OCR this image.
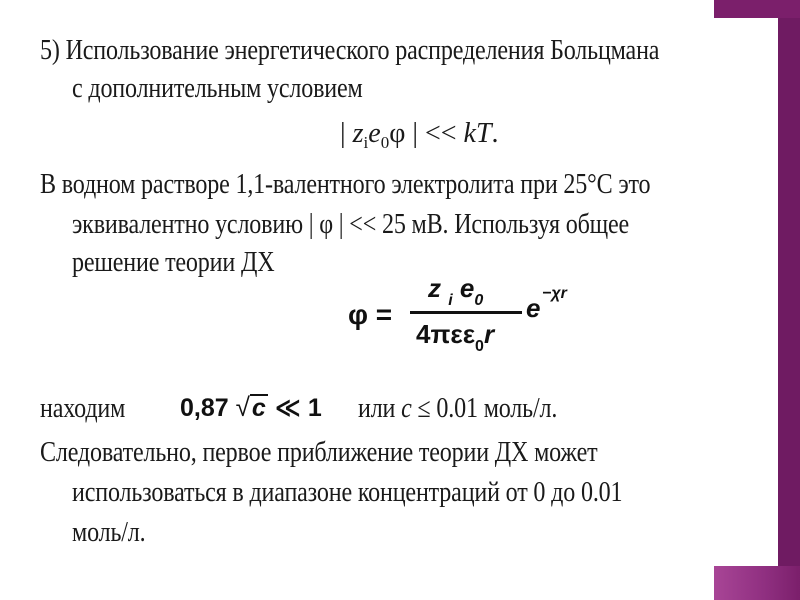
5) Использование энергетического распределения Больцмана

с дополнительным условием

| $z_ie_0\varphi$ | << kT.

В водном растворе 1,1-валентного электролита при 25°С это

эквивалентно условию | φ | << 25 мВ. Используя общее

решение теории ДХ

φ =
z $_i$ $e_0$
4πεε$_0$r
e −χr

находим 0,87 √c ≪ 1 или c ≤ 0.01 моль/л.

Следовательно, первое приближение теории ДХ может

использоваться в диапазоне концентраций от 0 до 0.01

моль/л.
